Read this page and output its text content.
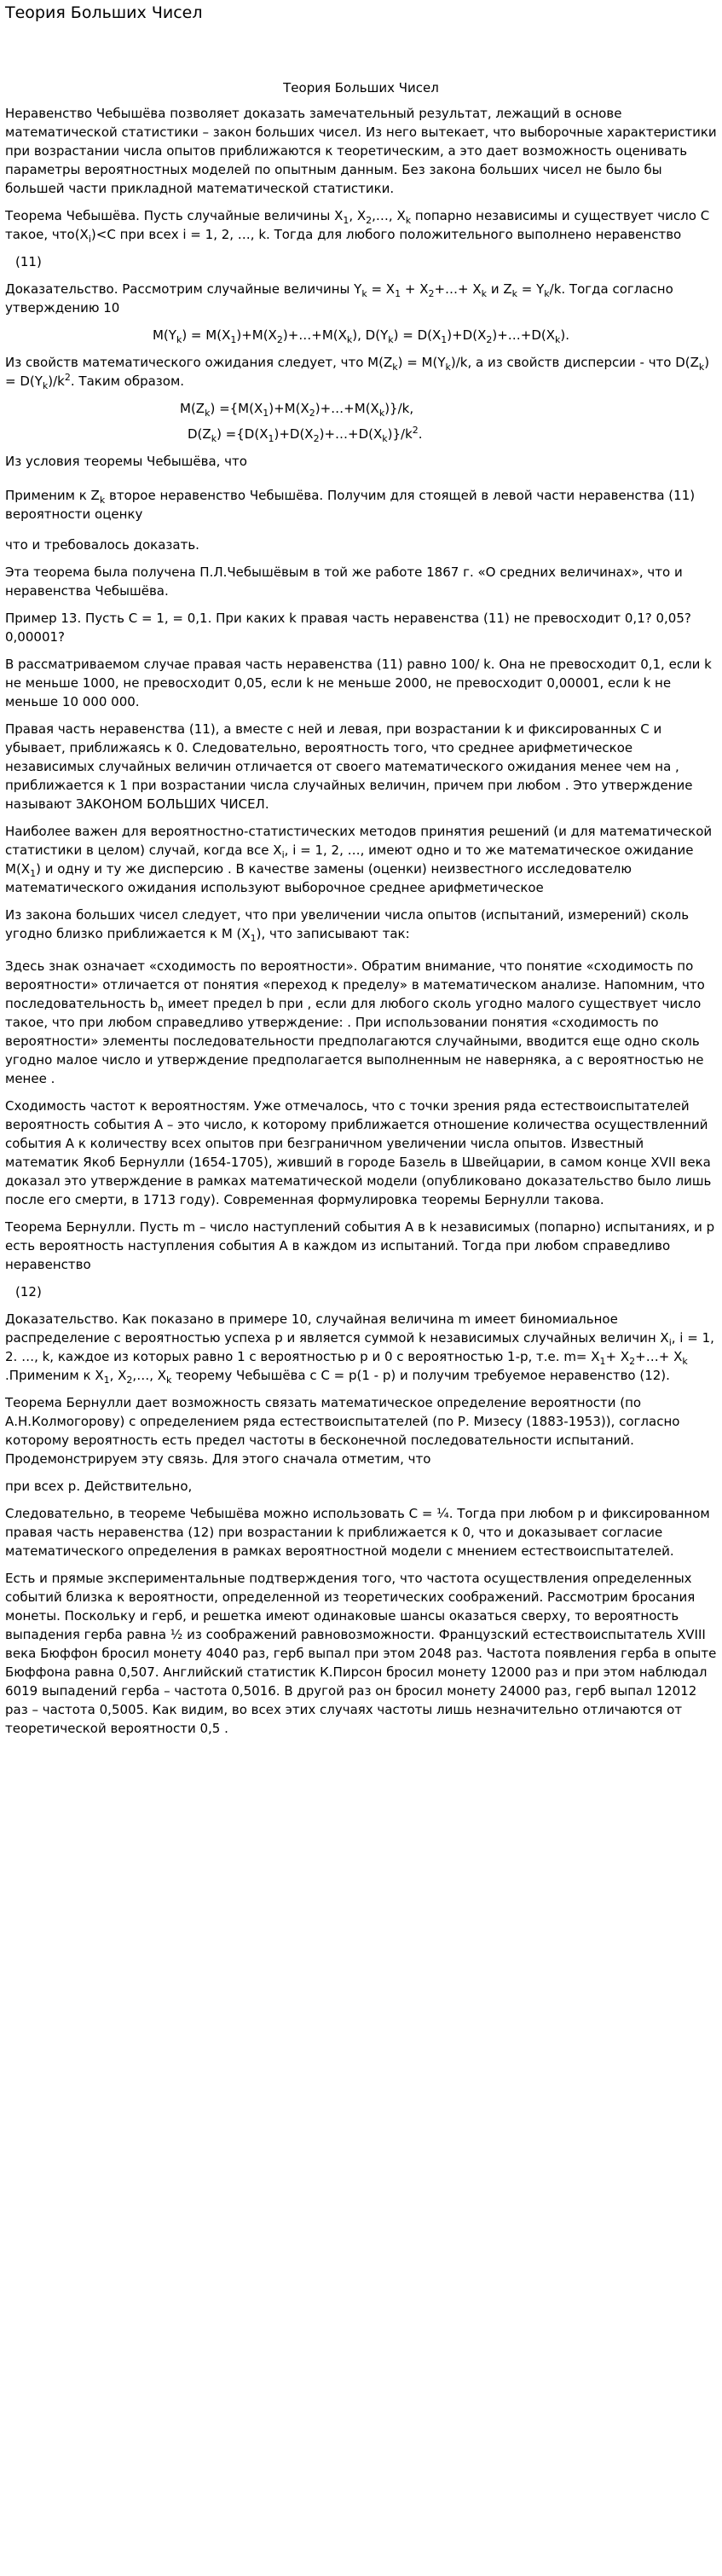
Теория Больших Чисел
Теория Больших Чисел

Неравенство Чебышёва позволяет доказать замечательный результат, лежащий в основе математической статистики – закон больших чисел. Из него вытекает, что выборочные характеристики при возрастании числа опытов приближаются к теоретическим, а это дает возможность оценивать параметры вероятностных моделей по опытным данным. Без закона больших чисел не было бы большей части прикладной математической статистики.

Теорема Чебышёва. Пусть случайные величины $X_1$, $X_2,\dots$, $X_k$ попарно независимы и существует число C такое, $что(X_i)<C$ при всех i = 1, 2, …, k. Тогда для любого положительного выполнено неравенство

(11)

Доказательство. Рассмотрим случайные величины $Y_k = X_1$ + $X_2+\dots+ X_k$ и $Z_k = Y_k/k$. Тогда согласно утверждению 10

$M(Y_k)$ = $M(X_1)+M(X_2)+\dots+M(X_k)$, $D(Y_k)$ = $D(X_1)+D(X_2)+\dots+D(X_k)$.

Из свойств математического ожидания следует, что $M(Z_k) = M(Y_k)/k$, а из свойств дисперсии - что $D(Z_k) = D(Y_k)/k^2$. Таким образом.

$M(Z_k)$ $=\{M(X_1)+M(X_2)+\dots+M(X_k)\}/k$,
$D(Z_k)$ $=\{D(X_1)+D(X_2)+\dots+D(X_k)\}/k^2$.

Из условия теоремы Чебышёва, что

Применим к $Z_k$ второе неравенство Чебышёва. Получим для стоящей в левой части неравенства (11) вероятности оценку

что и требовалось доказать.

Эта теорема была получена П.Л.Чебышёвым в той же работе 1867 г. «О средних величинах», что и неравенства Чебышёва.

Пример 13. Пусть C = 1, = 0,1. При каких k правая часть неравенства (11) не превосходит 0,1? 0,05? 0,00001?

В рассматриваемом случае правая часть неравенства (11) равно 100/ k. Она не превосходит 0,1, если k не меньше 1000, не превосходит 0,05, если k не меньше 2000, не превосходит 0,00001, если k не меньше 10 000 000.

Правая часть неравенства (11), а вместе с ней и левая, при возрастании k и фиксированных C и убывает, приближаясь к 0. Следовательно, вероятность того, что среднее арифметическое независимых случайных величин отличается от своего математического ожидания менее чем на , приближается к 1 при возрастании числа случайных величин, причем при любом . Это утверждение называют ЗАКОНОМ БОЛЬШИХ ЧИСЕЛ.

Наиболее важен для вероятностно-статистических методов принятия решений (и для математической статистики в целом) случай, когда все $X_i$, i = 1, 2, …, имеют одно и то же математическое ожидание $M(X_1)$ и одну и ту же дисперсию . В качестве замены (оценки) неизвестного исследователю математического ожидания используют выборочное среднее арифметическое

Из закона больших чисел следует, что при увеличении числа опытов (испытаний, измерений) сколь угодно близко приближается к M $(X_1)$, что записывают так:

Здесь знак означает «сходимость по вероятности». Обратим внимание, что понятие «сходимость по вероятности» отличается от понятия «переход к пределу» в математическом анализе. Напомним, что последовательность $b_n$ имеет предел b при , если для любого сколь угодно малого существует число такое, что при любом справедливо утверждение: . При использовании понятия «сходимость по вероятности» элементы последовательности предполагаются случайными, вводится еще одно сколь угодно малое число и утверждение предполагается выполненным не наверняка, а с вероятностью не менее .

Сходимость частот к вероятностям. Уже отмечалось, что с точки зрения ряда естествоиспытателей вероятность события A – это число, к которому приближается отношение количества осуществленний события A к количеству всех опытов при безграничном увеличении числа опытов. Известный математик Якоб Бернулли (1654-1705), живший в городе Базель в Швейцарии, в самом конце XVII века доказал это утверждение в рамках математической модели (опубликовано доказательство было лишь после его смерти, в 1713 году). Современная формулировка теоремы Бернулли такова.

Теорема Бернулли. Пусть m – число наступлений события A в k независимых (попарно) испытаниях, и p есть вероятность наступления события A в каждом из испытаний. Тогда при любом справедливо неравенство

(12)

Доказательство. Как показано в примере 10, случайная величина m имеет биномиальное распределение с вероятностью успеха p и является суммой k независимых случайных величин $X_i$, i = 1, 2. …, k, каждое из которых равно 1 с вероятностью p и 0 с вероятностью 1-p, т.е. $m= X_1+$ $X_2+\dots+ X_k$ .Применим к $X_1$, $X_2,\dots$, $X_k$ теорему Чебышёва с C = p(1 - p) и получим требуемое неравенство (12).

Теорема Бернулли дает возможность связать математическое определение вероятности (по А.Н.Колмогорову) с определением ряда естествоиспытателей (по Р. Мизесу (1883-1953)), согласно которому вероятность есть предел частоты в бесконечной последовательности испытаний. Продемонстрируем эту связь. Для этого сначала отметим, что

при всех p. Действительно,

Следовательно, в теореме Чебышёва можно использовать C = ¼. Тогда при любом p и фиксированном правая часть неравенства (12) при возрастании k приближается к 0, что и доказывает согласие математического определения в рамках вероятностной модели с мнением естествоиспытателей.

Есть и прямые экспериментальные подтверждения того, что частота осуществления определенных событий близка к вероятности, определенной из теоретических соображений. Рассмотрим бросания монеты. Поскольку и герб, и решетка имеют одинаковые шансы оказаться сверху, то вероятность выпадения герба равна ½ из соображений равновозможности. Французский естествоиспытатель XVIII века Бюффон бросил монету 4040 раз, герб выпал при этом 2048 раз. Частота появления герба в опыте Бюффона равна 0,507. Английский статистик К.Пирсон бросил монету 12000 раз и при этом наблюдал 6019 выпадений герба – частота 0,5016. В другой раз он бросил монету 24000 раз, герб выпал 12012 раз – частота 0,5005. Как видим, во всех этих случаях частоты лишь незначительно отличаются от теоретической вероятности 0,5 .
